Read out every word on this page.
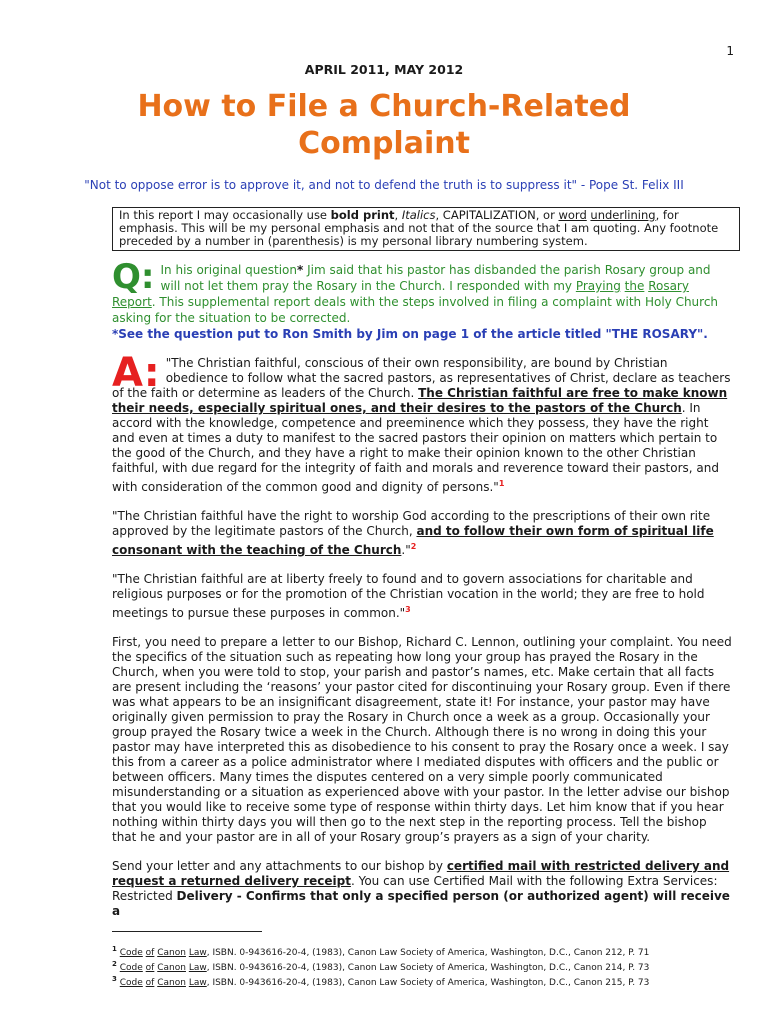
1
APRIL 2011, MAY 2012
How to File a Church-Related
Complaint
"Not to oppose error is to approve it, and not to defend the truth is to suppress it" - Pope St. Felix III
In this report I may occasionally use bold print, Italics, CAPITALIZATION, or word underlining, for emphasis. This will be my personal emphasis and not that of the source that I am quoting. Any footnote preceded by a number in (parenthesis) is my personal library numbering system.
Q: In his original question* Jim said that his pastor has disbanded the parish Rosary group and will not let them pray the Rosary in the Church. I responded with my Praying the Rosary Report. This supplemental report deals with the steps involved in filing a complaint with Holy Church asking for the situation to be corrected.
*See the question put to Ron Smith by Jim on page 1 of the article titled "THE ROSARY".

A: "The Christian faithful, conscious of their own responsibility, are bound by Christian obedience to follow what the sacred pastors, as representatives of Christ, declare as teachers of the faith or determine as leaders of the Church. The Christian faithful are free to make known their needs, especially spiritual ones, and their desires to the pastors of the Church. In accord with the knowledge, competence and preeminence which they possess, they have the right and even at times a duty to manifest to the sacred pastors their opinion on matters which pertain to the good of the Church, and they have a right to make their opinion known to the other Christian faithful, with due regard for the integrity of faith and morals and reverence toward their pastors, and with consideration of the common good and dignity of persons."$^1$

"The Christian faithful have the right to worship God according to the prescriptions of their own rite approved by the legitimate pastors of the Church, and to follow their own form of spiritual life consonant with the teaching of the Church."$^2$

"The Christian faithful are at liberty freely to found and to govern associations for charitable and religious purposes or for the promotion of the Christian vocation in the world; they are free to hold meetings to pursue these purposes in common."$^3$

First, you need to prepare a letter to our Bishop, Richard C. Lennon, outlining your complaint. You need the specifics of the situation such as repeating how long your group has prayed the Rosary in the Church, when you were told to stop, your parish and pastor’s names, etc. Make certain that all facts are present including the ‘reasons’ your pastor cited for discontinuing your Rosary group. Even if there was what appears to be an insignificant disagreement, state it! For instance, your pastor may have originally given permission to pray the Rosary in Church once a week as a group. Occasionally your group prayed the Rosary twice a week in the Church. Although there is no wrong in doing this your pastor may have interpreted this as disobedience to his consent to pray the Rosary once a week. I say this from a career as a police administrator where I mediated disputes with officers and the public or between officers. Many times the disputes centered on a very simple poorly communicated misunderstanding or a situation as experienced above with your pastor. In the letter advise our bishop that you would like to receive some type of response within thirty days. Let him know that if you hear nothing within thirty days you will then go to the next step in the reporting process. Tell the bishop that he and your pastor are in all of your Rosary group’s prayers as a sign of your charity.

Send your letter and any attachments to our bishop by certified mail with restricted delivery and request a returned delivery receipt. You can use Certified Mail with the following Extra Services: Restricted Delivery - Confirms that only a specified person (or authorized agent) will receive a

$^1$ Code of Canon Law, ISBN. 0-943616-20-4, (1983), Canon Law Society of America, Washington, D.C., Canon 212, P. 71
$^2$ Code of Canon Law, ISBN. 0-943616-20-4, (1983), Canon Law Society of America, Washington, D.C., Canon 214, P. 73
$^3$ Code of Canon Law, ISBN. 0-943616-20-4, (1983), Canon Law Society of America, Washington, D.C., Canon 215, P. 73
